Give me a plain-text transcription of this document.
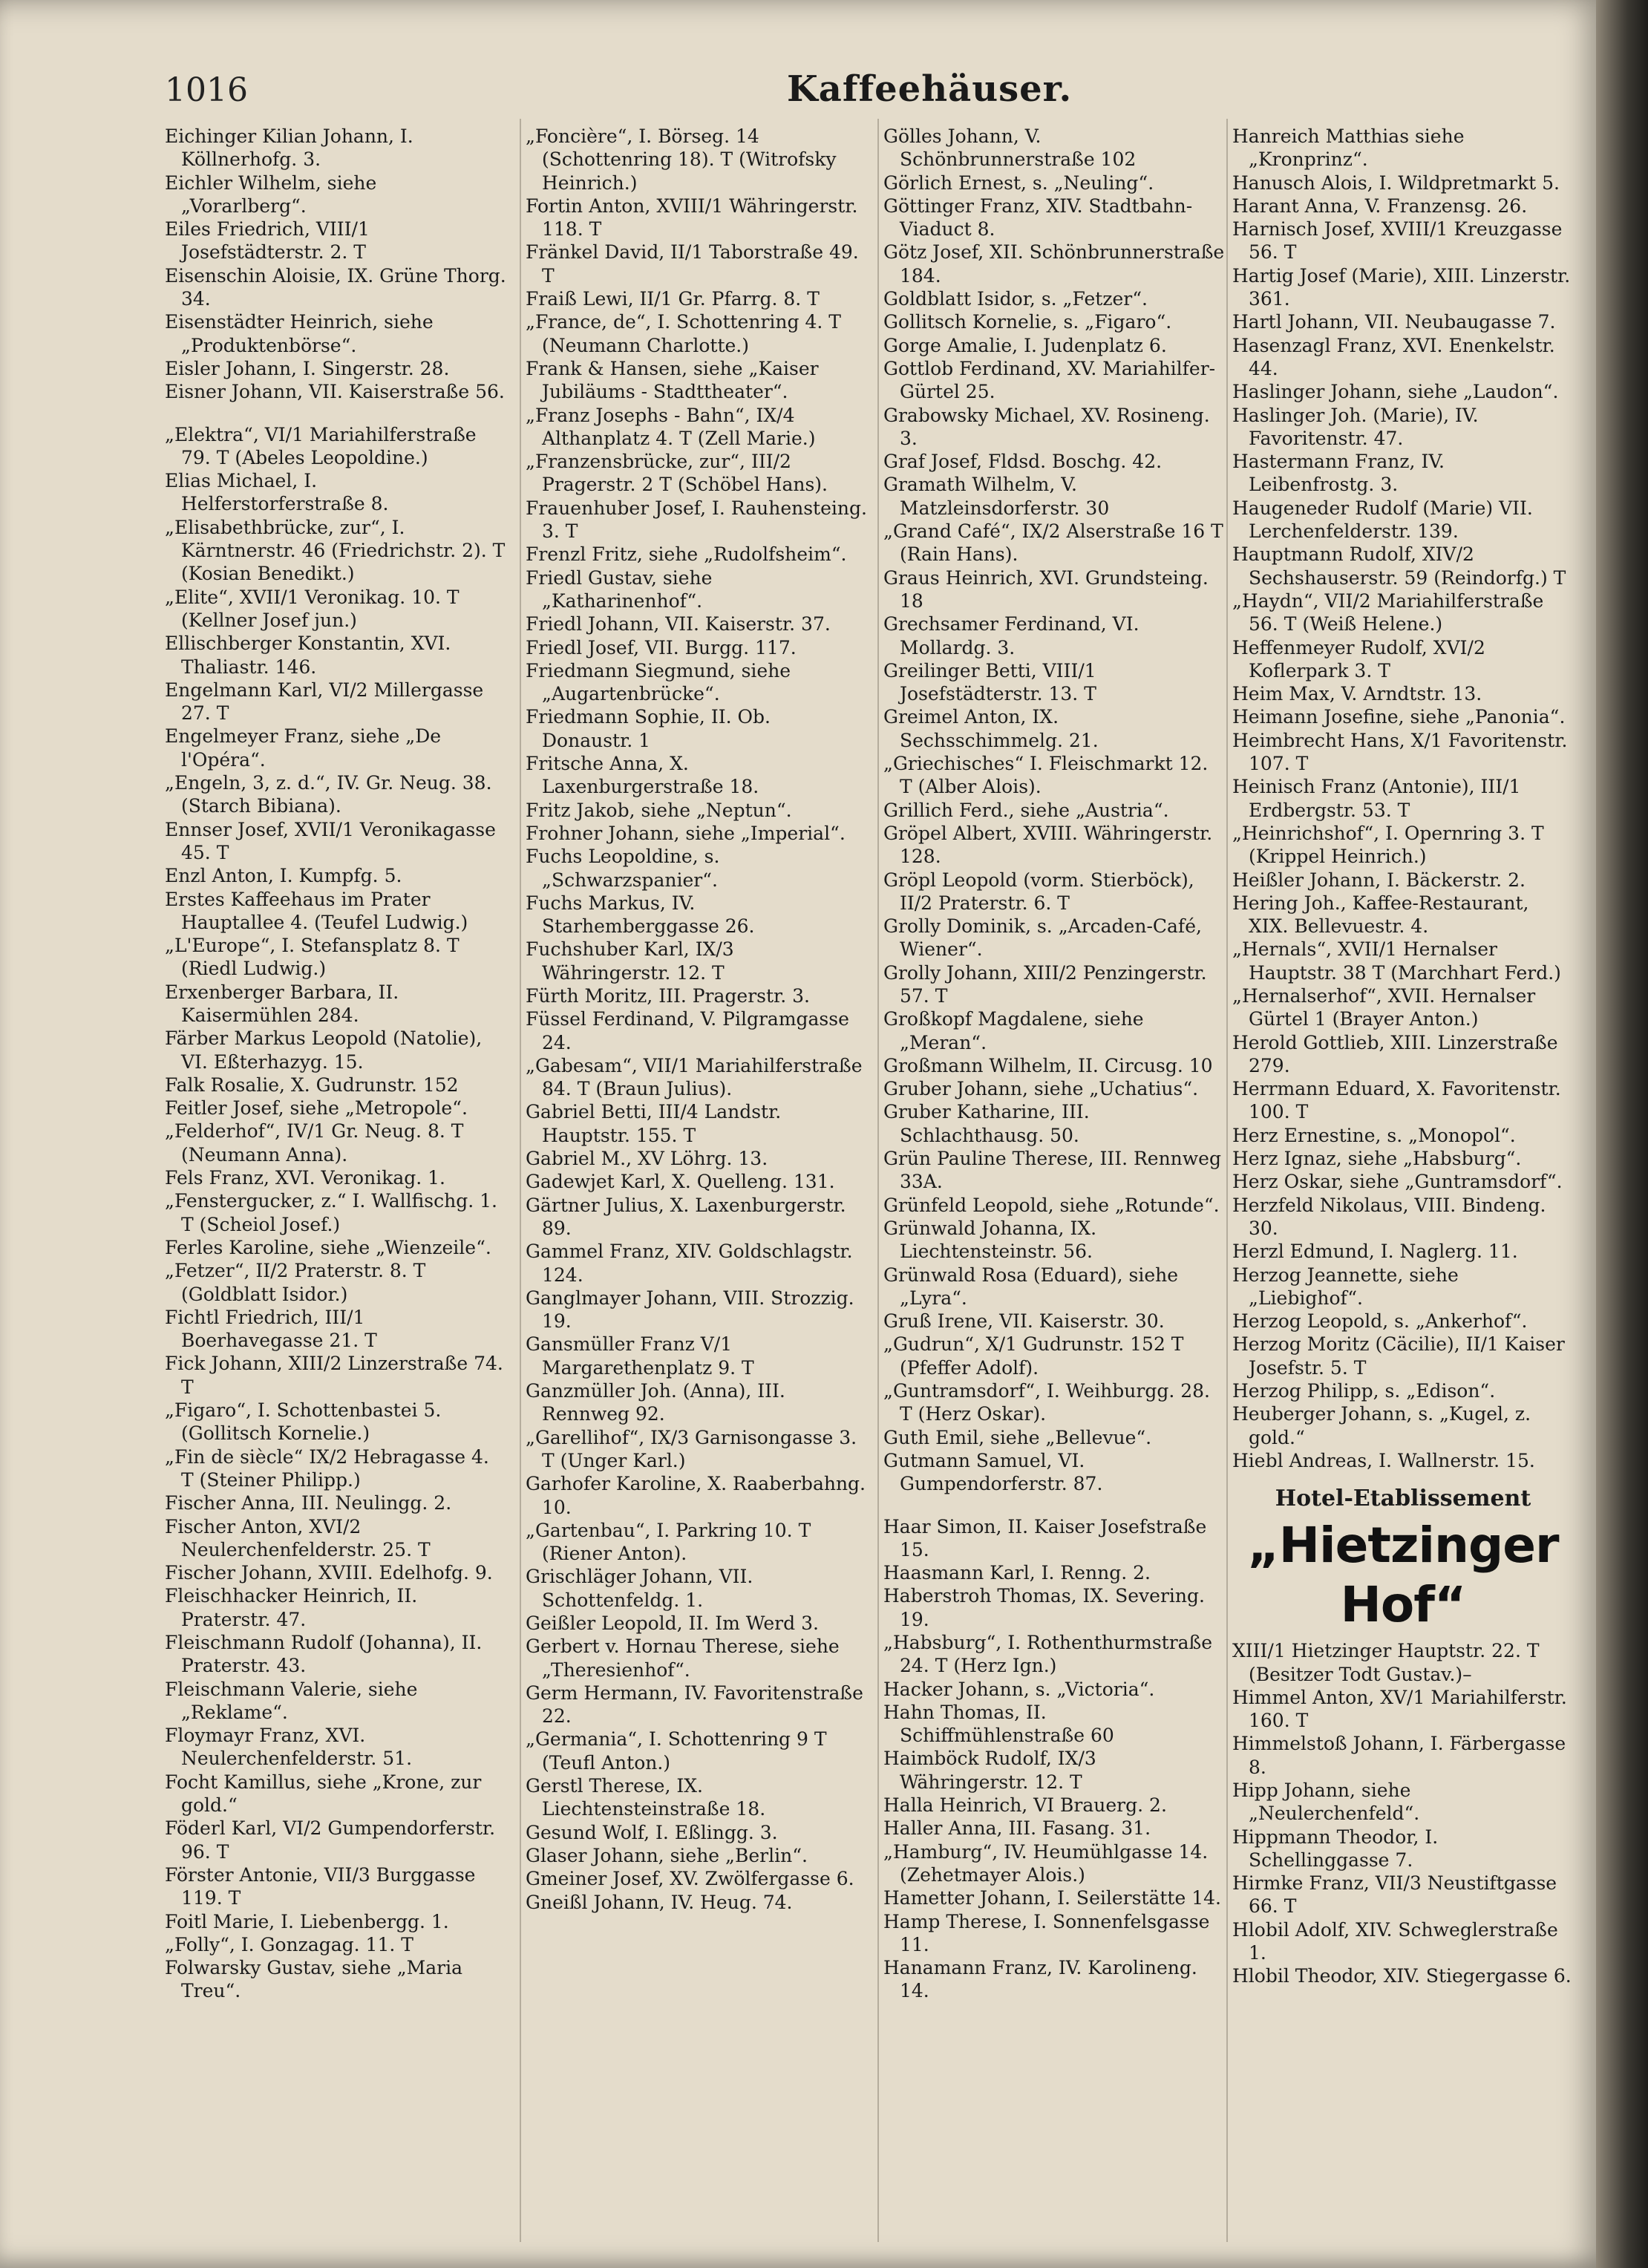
1016	Kaffeehäuser.
Eichinger Kilian Johann, I. Köllnerhofg. 3.
Eichler Wilhelm, siehe „Vorarlberg“.
Eiles Friedrich, VIII/1 Josefstädterstr. 2. T
Eisenschin Aloisie, IX. Grüne Thorg. 34.
Eisenstädter Heinrich, siehe „Produktenbörse“.
Eisler Johann, I. Singerstr. 28.
Eisner Johann, VII. Kaiserstraße 56.
„Elektra“, VI/1 Mariahilferstraße 79. T (Abeles Leopoldine.)
Elias Michael, I. Helferstorferstraße 8.
„Elisabethbrücke, zur“, I. Kärntnerstr. 46 (Friedrichstr. 2). T (Kosian Benedikt.)
„Elite“, XVII/1 Veronikag. 10. T (Kellner Josef jun.)
Ellischberger Konstantin, XVI. Thaliastr. 146.
Engelmann Karl, VI/2 Millergasse 27. T
Engelmeyer Franz, siehe „De l'Opéra“.
„Engeln, 3, z. d.“, IV. Gr. Neug. 38. (Starch Bibiana).
Ennser Josef, XVII/1 Veronikagasse 45. T
Enzl Anton, I. Kumpfg. 5.
Erstes Kaffeehaus im Prater Hauptallee 4. (Teufel Ludwig.)
„L'Europe“, I. Stefansplatz 8. T (Riedl Ludwig.)
Erxenberger Barbara, II. Kaisermühlen 284.
Färber Markus Leopold (Natolie), VI. Eßterhazyg. 15.
Falk Rosalie, X. Gudrunstr. 152
Feitler Josef, siehe „Metropole“.
„Felderhof“, IV/1 Gr. Neug. 8. T (Neumann Anna).
Fels Franz, XVI. Veronikag. 1.
„Fenstergucker, z.“ I. Wallfischg. 1. T (Scheiol Josef.)
Ferles Karoline, siehe „Wienzeile“.
„Fetzer“, II/2 Praterstr. 8. T (Goldblatt Isidor.)
Fichtl Friedrich, III/1 Boerhavegasse 21. T
Fick Johann, XIII/2 Linzerstraße 74. T
„Figaro“, I. Schottenbastei 5. (Gollitsch Kornelie.)
„Fin de siècle“ IX/2 Hebragasse 4. T (Steiner Philipp.)
Fischer Anna, III. Neulingg. 2.
Fischer Anton, XVI/2 Neulerchenfelderstr. 25. T
Fischer Johann, XVIII. Edelhofg. 9.
Fleischhacker Heinrich, II. Praterstr. 47.
Fleischmann Rudolf (Johanna), II. Praterstr. 43.
Fleischmann Valerie, siehe „Reklame“.
Floymayr Franz, XVI. Neulerchenfelderstr. 51.
Focht Kamillus, siehe „Krone, zur gold.“
Föderl Karl, VI/2 Gumpendorferstr. 96. T
Förster Antonie, VII/3 Burggasse 119. T
Foitl Marie, I. Liebenbergg. 1.
„Folly“, I. Gonzagag. 11. T
Folwarsky Gustav, siehe „Maria Treu“.
„Foncière“, I. Börseg. 14 (Schottenring 18). T (Witrofsky Heinrich.)
Fortin Anton, XVIII/1 Währingerstr. 118. T
Fränkel David, II/1 Taborstraße 49. T
Fraiß Lewi, II/1 Gr. Pfarrg. 8. T
„France, de“, I. Schottenring 4. T (Neumann Charlotte.)
Frank & Hansen, siehe „Kaiser Jubiläums - Stadttheater“.
„Franz Josephs - Bahn“, IX/4 Althanplatz 4. T (Zell Marie.)
„Franzensbrücke, zur“, III/2 Pragerstr. 2 T (Schöbel Hans).
Frauenhuber Josef, I. Rauhensteing. 3. T
Frenzl Fritz, siehe „Rudolfsheim“.
Friedl Gustav, siehe „Katharinenhof“.
Friedl Johann, VII. Kaiserstr. 37.
Friedl Josef, VII. Burgg. 117.
Friedmann Siegmund, siehe „Augartenbrücke“.
Friedmann Sophie, II. Ob. Donaustr. 1
Fritsche Anna, X. Laxenburgerstraße 18.
Fritz Jakob, siehe „Neptun“.
Frohner Johann, siehe „Imperial“.
Fuchs Leopoldine, s. „Schwarzspanier“.
Fuchs Markus, IV. Starhemberggasse 26.
Fuchshuber Karl, IX/3 Währingerstr. 12. T
Fürth Moritz, III. Pragerstr. 3.
Füssel Ferdinand, V. Pilgramgasse 24.
„Gabesam“, VII/1 Mariahilferstraße 84. T (Braun Julius).
Gabriel Betti, III/4 Landstr. Hauptstr. 155. T
Gabriel M., XV Löhrg. 13.
Gadewjet Karl, X. Quelleng. 131.
Gärtner Julius, X. Laxenburgerstr. 89.
Gammel Franz, XIV. Goldschlagstr. 124.
Ganglmayer Johann, VIII. Strozzig. 19.
Gansmüller Franz V/1 Margarethenplatz 9. T
Ganzmüller Joh. (Anna), III. Rennweg 92.
„Garellihof“, IX/3 Garnisongasse 3. T (Unger Karl.)
Garhofer Karoline, X. Raaberbahng. 10.
„Gartenbau“, I. Parkring 10. T (Riener Anton).
Grischläger Johann, VII. Schottenfeldg. 1.
Geißler Leopold, II. Im Werd 3.
Gerbert v. Hornau Therese, siehe „Theresienhof“.
Germ Hermann, IV. Favoritenstraße 22.
„Germania“, I. Schottenring 9 T (Teufl Anton.)
Gerstl Therese, IX. Liechtensteinstraße 18.
Gesund Wolf, I. Eßlingg. 3.
Glaser Johann, siehe „Berlin“.
Gmeiner Josef, XV. Zwölfergasse 6.
Gneißl Johann, IV. Heug. 74.
Gölles Johann, V. Schönbrunnerstraße 102
Görlich Ernest, s. „Neuling“.
Göttinger Franz, XIV. Stadtbahn-Viaduct 8.
Götz Josef, XII. Schönbrunnerstraße 184.
Goldblatt Isidor, s. „Fetzer“.
Gollitsch Kornelie, s. „Figaro“.
Gorge Amalie, I. Judenplatz 6.
Gottlob Ferdinand, XV. Mariahilfer-Gürtel 25.
Grabowsky Michael, XV. Rosineng. 3.
Graf Josef, Fldsd. Boschg. 42.
Gramath Wilhelm, V. Matzleinsdorferstr. 30
„Grand Café“, IX/2 Alserstraße 16 T (Rain Hans).
Graus Heinrich, XVI. Grundsteing. 18
Grechsamer Ferdinand, VI. Mollardg. 3.
Greilinger Betti, VIII/1 Josefstädterstr. 13. T
Greimel Anton, IX. Sechsschimmelg. 21.
„Griechisches“ I. Fleischmarkt 12. T (Alber Alois).
Grillich Ferd., siehe „Austria“.
Gröpel Albert, XVIII. Währingerstr. 128.
Gröpl Leopold (vorm. Stierböck), II/2 Praterstr. 6. T
Grolly Dominik, s. „Arcaden-Café, Wiener“.
Grolly Johann, XIII/2 Penzingerstr. 57. T
Großkopf Magdalene, siehe „Meran“.
Großmann Wilhelm, II. Circusg. 10
Gruber Johann, siehe „Uchatius“.
Gruber Katharine, III. Schlachthausg. 50.
Grün Pauline Therese, III. Rennweg 33A.
Grünfeld Leopold, siehe „Rotunde“.
Grünwald Johanna, IX. Liechtensteinstr. 56.
Grünwald Rosa (Eduard), siehe „Lyra“.
Gruß Irene, VII. Kaiserstr. 30.
„Gudrun“, X/1 Gudrunstr. 152 T (Pfeffer Adolf).
„Guntramsdorf“, I. Weihburgg. 28. T (Herz Oskar).
Guth Emil, siehe „Bellevue“.
Gutmann Samuel, VI. Gumpendorferstr. 87.
Haar Simon, II. Kaiser Josefstraße 15.
Haasmann Karl, I. Renng. 2.
Haberstroh Thomas, IX. Severing. 19.
„Habsburg“, I. Rothenthurmstraße 24. T (Herz Ign.)
Hacker Johann, s. „Victoria“.
Hahn Thomas, II. Schiffmühlenstraße 60
Haimböck Rudolf, IX/3 Währingerstr. 12. T
Halla Heinrich, VI Brauerg. 2.
Haller Anna, III. Fasang. 31.
„Hamburg“, IV. Heumühlgasse 14. (Zehetmayer Alois.)
Hametter Johann, I. Seilerstätte 14.
Hamp Therese, I. Sonnenfelsgasse 11.
Hanamann Franz, IV. Karolineng. 14.
Hanreich Matthias siehe „Kronprinz“.
Hanusch Alois, I. Wildpretmarkt 5.
Harant Anna, V. Franzensg. 26.
Harnisch Josef, XVIII/1 Kreuzgasse 56. T
Hartig Josef (Marie), XIII. Linzerstr. 361.
Hartl Johann, VII. Neubaugasse 7.
Hasenzagl Franz, XVI. Enenkelstr. 44.
Haslinger Johann, siehe „Laudon“.
Haslinger Joh. (Marie), IV. Favoritenstr. 47.
Hastermann Franz, IV. Leibenfrostg. 3.
Haugeneder Rudolf (Marie) VII. Lerchenfelderstr. 139.
Hauptmann Rudolf, XIV/2 Sechshauserstr. 59 (Reindorfg.) T
„Haydn“, VII/2 Mariahilferstraße 56. T (Weiß Helene.)
Heffenmeyer Rudolf, XVI/2 Koflerpark 3. T
Heim Max, V. Arndtstr. 13.
Heimann Josefine, siehe „Panonia“.
Heimbrecht Hans, X/1 Favoritenstr. 107. T
Heinisch Franz (Antonie), III/1 Erdbergstr. 53. T
„Heinrichshof“, I. Opernring 3. T (Krippel Heinrich.)
Heißler Johann, I. Bäckerstr. 2.
Hering Joh., Kaffee-Restaurant, XIX. Bellevuestr. 4.
„Hernals“, XVII/1 Hernalser Hauptstr. 38 T (Marchhart Ferd.)
„Hernalserhof“, XVII. Hernalser Gürtel 1 (Brayer Anton.)
Herold Gottlieb, XIII. Linzerstraße 279.
Herrmann Eduard, X. Favoritenstr. 100. T
Herz Ernestine, s. „Monopol“.
Herz Ignaz, siehe „Habsburg“.
Herz Oskar, siehe „Guntramsdorf“.
Herzfeld Nikolaus, VIII. Bindeng. 30.
Herzl Edmund, I. Naglerg. 11.
Herzog Jeannette, siehe „Liebighof“.
Herzog Leopold, s. „Ankerhof“.
Herzog Moritz (Cäcilie), II/1 Kaiser Josefstr. 5. T
Herzog Philipp, s. „Edison“.
Heuberger Johann, s. „Kugel, z. gold.“
Hiebl Andreas, I. Wallnerstr. 15.
Hotel-Etablissement
„Hietzinger Hof“
XIII/1 Hietzinger Hauptstr. 22. T (Besitzer Todt Gustav.)–
Himmel Anton, XV/1 Mariahilferstr. 160. T
Himmelstoß Johann, I. Färbergasse 8.
Hipp Johann, siehe „Neulerchenfeld“.
Hippmann Theodor, I. Schellinggasse 7.
Hirmke Franz, VII/3 Neustiftgasse 66. T
Hlobil Adolf, XIV. Schweglerstraße 1.
Hlobil Theodor, XIV. Stiegergasse 6.
